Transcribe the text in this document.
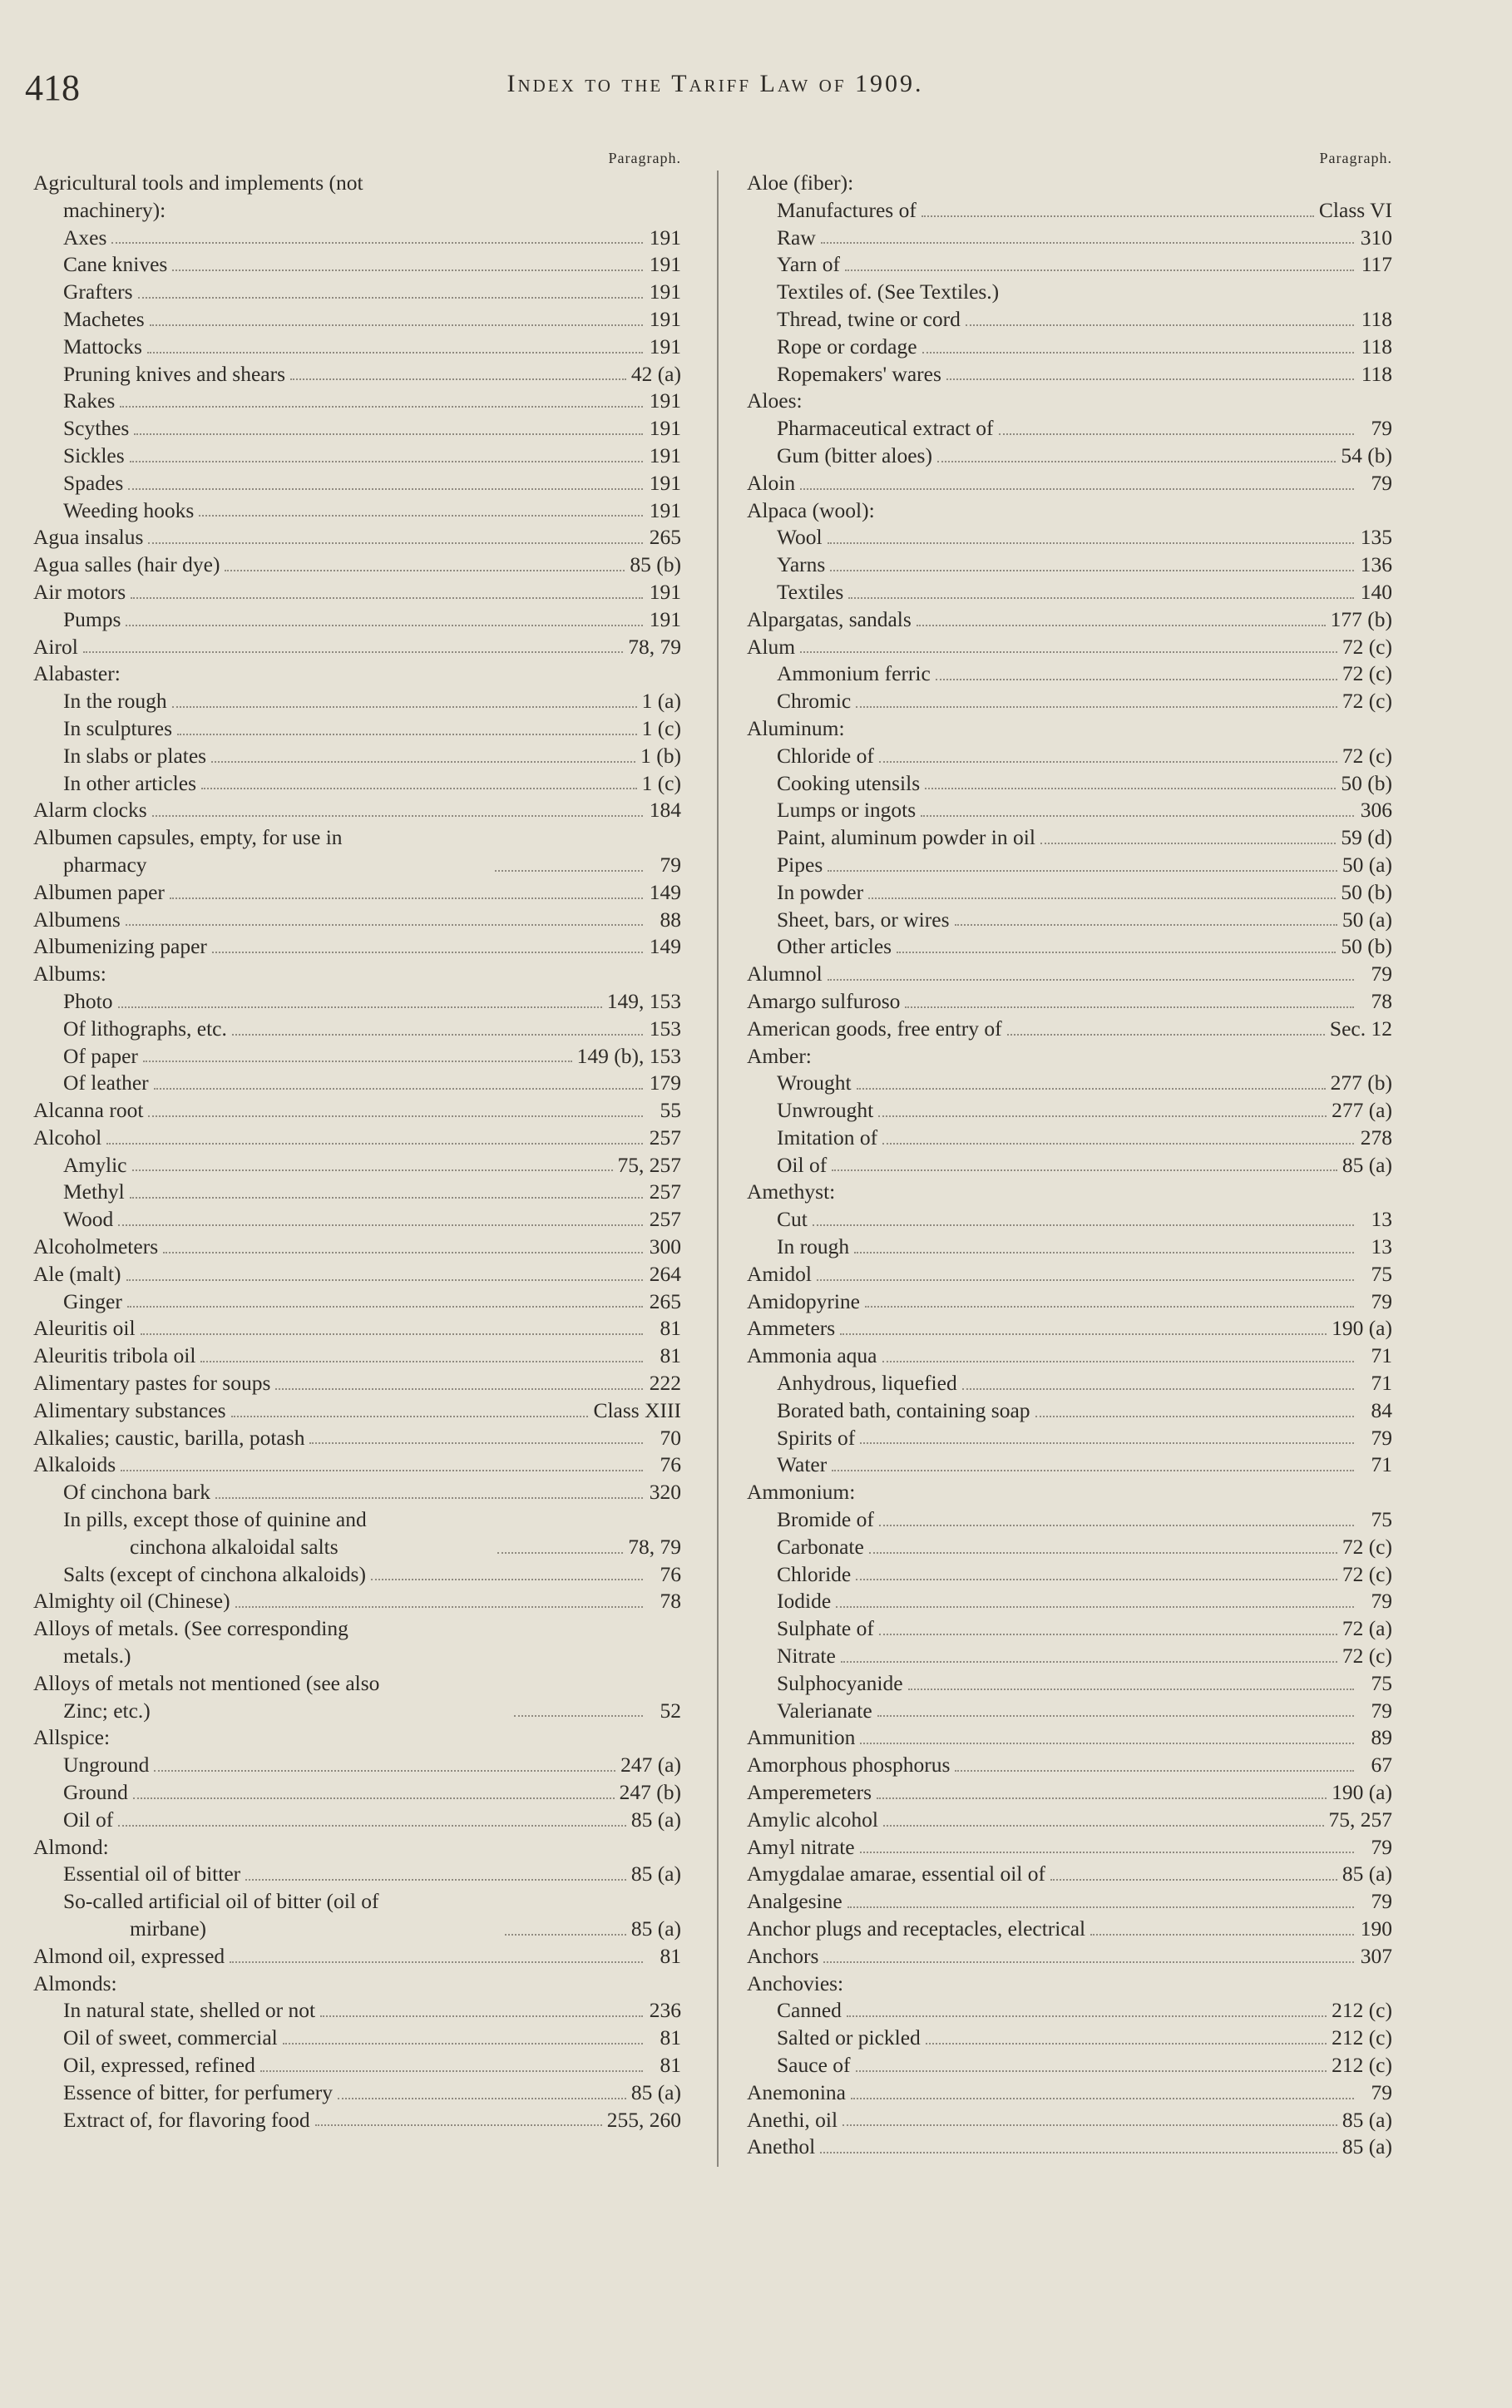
418	Index to the Tariff Law of 1909.
Paragraph.
Agricultural tools and implements (not
machinery):
Axes	191
Cane knives	191
Grafters	191
Machetes	191
Mattocks	191
Pruning knives and shears	42 (a)
Rakes	191
Scythes	191
Sickles	191
Spades	191
Weeding hooks	191
Agua insalus	265
Agua salles (hair dye)	85 (b)
Air motors	191
Pumps	191
Airol	78, 79
Alabaster:
In the rough	1 (a)
In sculptures	1 (c)
In slabs or plates	1 (b)
In other articles	1 (c)
Alarm clocks	184
Albumen capsules, empty, for use in
pharmacy	79
Albumen paper	149
Albumens	88
Albumenizing paper	149
Albums:
Photo	149, 153
Of lithographs, etc.	153
Of paper	149 (b), 153
Of leather	179
Alcanna root	55
Alcohol	257
Amylic	75, 257
Methyl	257
Wood	257
Alcoholmeters	300
Ale (malt)	264
Ginger	265
Aleuritis oil	81
Aleuritis tribola oil	81
Alimentary pastes for soups	222
Alimentary substances	Class XIII
Alkalies; caustic, barilla, potash	70
Alkaloids	76
Of cinchona bark	320
In pills, except those of quinine and
cinchona alkaloidal salts	78, 79
Salts (except of cinchona alkaloids)	76
Almighty oil (Chinese)	78
Alloys of metals. (See corresponding
metals.)
Alloys of metals not mentioned (see also
Zinc; etc.)	52
Allspice:
Unground	247 (a)
Ground	247 (b)
Oil of	85 (a)
Almond:
Essential oil of bitter	85 (a)
So-called artificial oil of bitter (oil of
mirbane)	85 (a)
Almond oil, expressed	81
Almonds:
In natural state, shelled or not	236
Oil of sweet, commercial	81
Oil, expressed, refined	81
Essence of bitter, for perfumery	85 (a)
Extract of, for flavoring food	255, 260
Paragraph.
Aloe (fiber):
Manufactures of	Class VI
Raw	310
Yarn of	117
Textiles of. (See Textiles.)
Thread, twine or cord	118
Rope or cordage	118
Ropemakers' wares	118
Aloes:
Pharmaceutical extract of	79
Gum (bitter aloes)	54 (b)
Aloin	79
Alpaca (wool):
Wool	135
Yarns	136
Textiles	140
Alpargatas, sandals	177 (b)
Alum	72 (c)
Ammonium ferric	72 (c)
Chromic	72 (c)
Aluminum:
Chloride of	72 (c)
Cooking utensils	50 (b)
Lumps or ingots	306
Paint, aluminum powder in oil	59 (d)
Pipes	50 (a)
In powder	50 (b)
Sheet, bars, or wires	50 (a)
Other articles	50 (b)
Alumnol	79
Amargo sulfuroso	78
American goods, free entry of	Sec. 12
Amber:
Wrought	277 (b)
Unwrought	277 (a)
Imitation of	278
Oil of	85 (a)
Amethyst:
Cut	13
In rough	13
Amidol	75
Amidopyrine	79
Ammeters	190 (a)
Ammonia aqua	71
Anhydrous, liquefied	71
Borated bath, containing soap	84
Spirits of	79
Water	71
Ammonium:
Bromide of	75
Carbonate	72 (c)
Chloride	72 (c)
Iodide	79
Sulphate of	72 (a)
Nitrate	72 (c)
Sulphocyanide	75
Valerianate	79
Ammunition	89
Amorphous phosphorus	67
Amperemeters	190 (a)
Amylic alcohol	75, 257
Amyl nitrate	79
Amygdalae amarae, essential oil of	85 (a)
Analgesine	79
Anchor plugs and receptacles, electrical	190
Anchors	307
Anchovies:
Canned	212 (c)
Salted or pickled	212 (c)
Sauce of	212 (c)
Anemonina	79
Anethi, oil	85 (a)
Anethol	85 (a)
